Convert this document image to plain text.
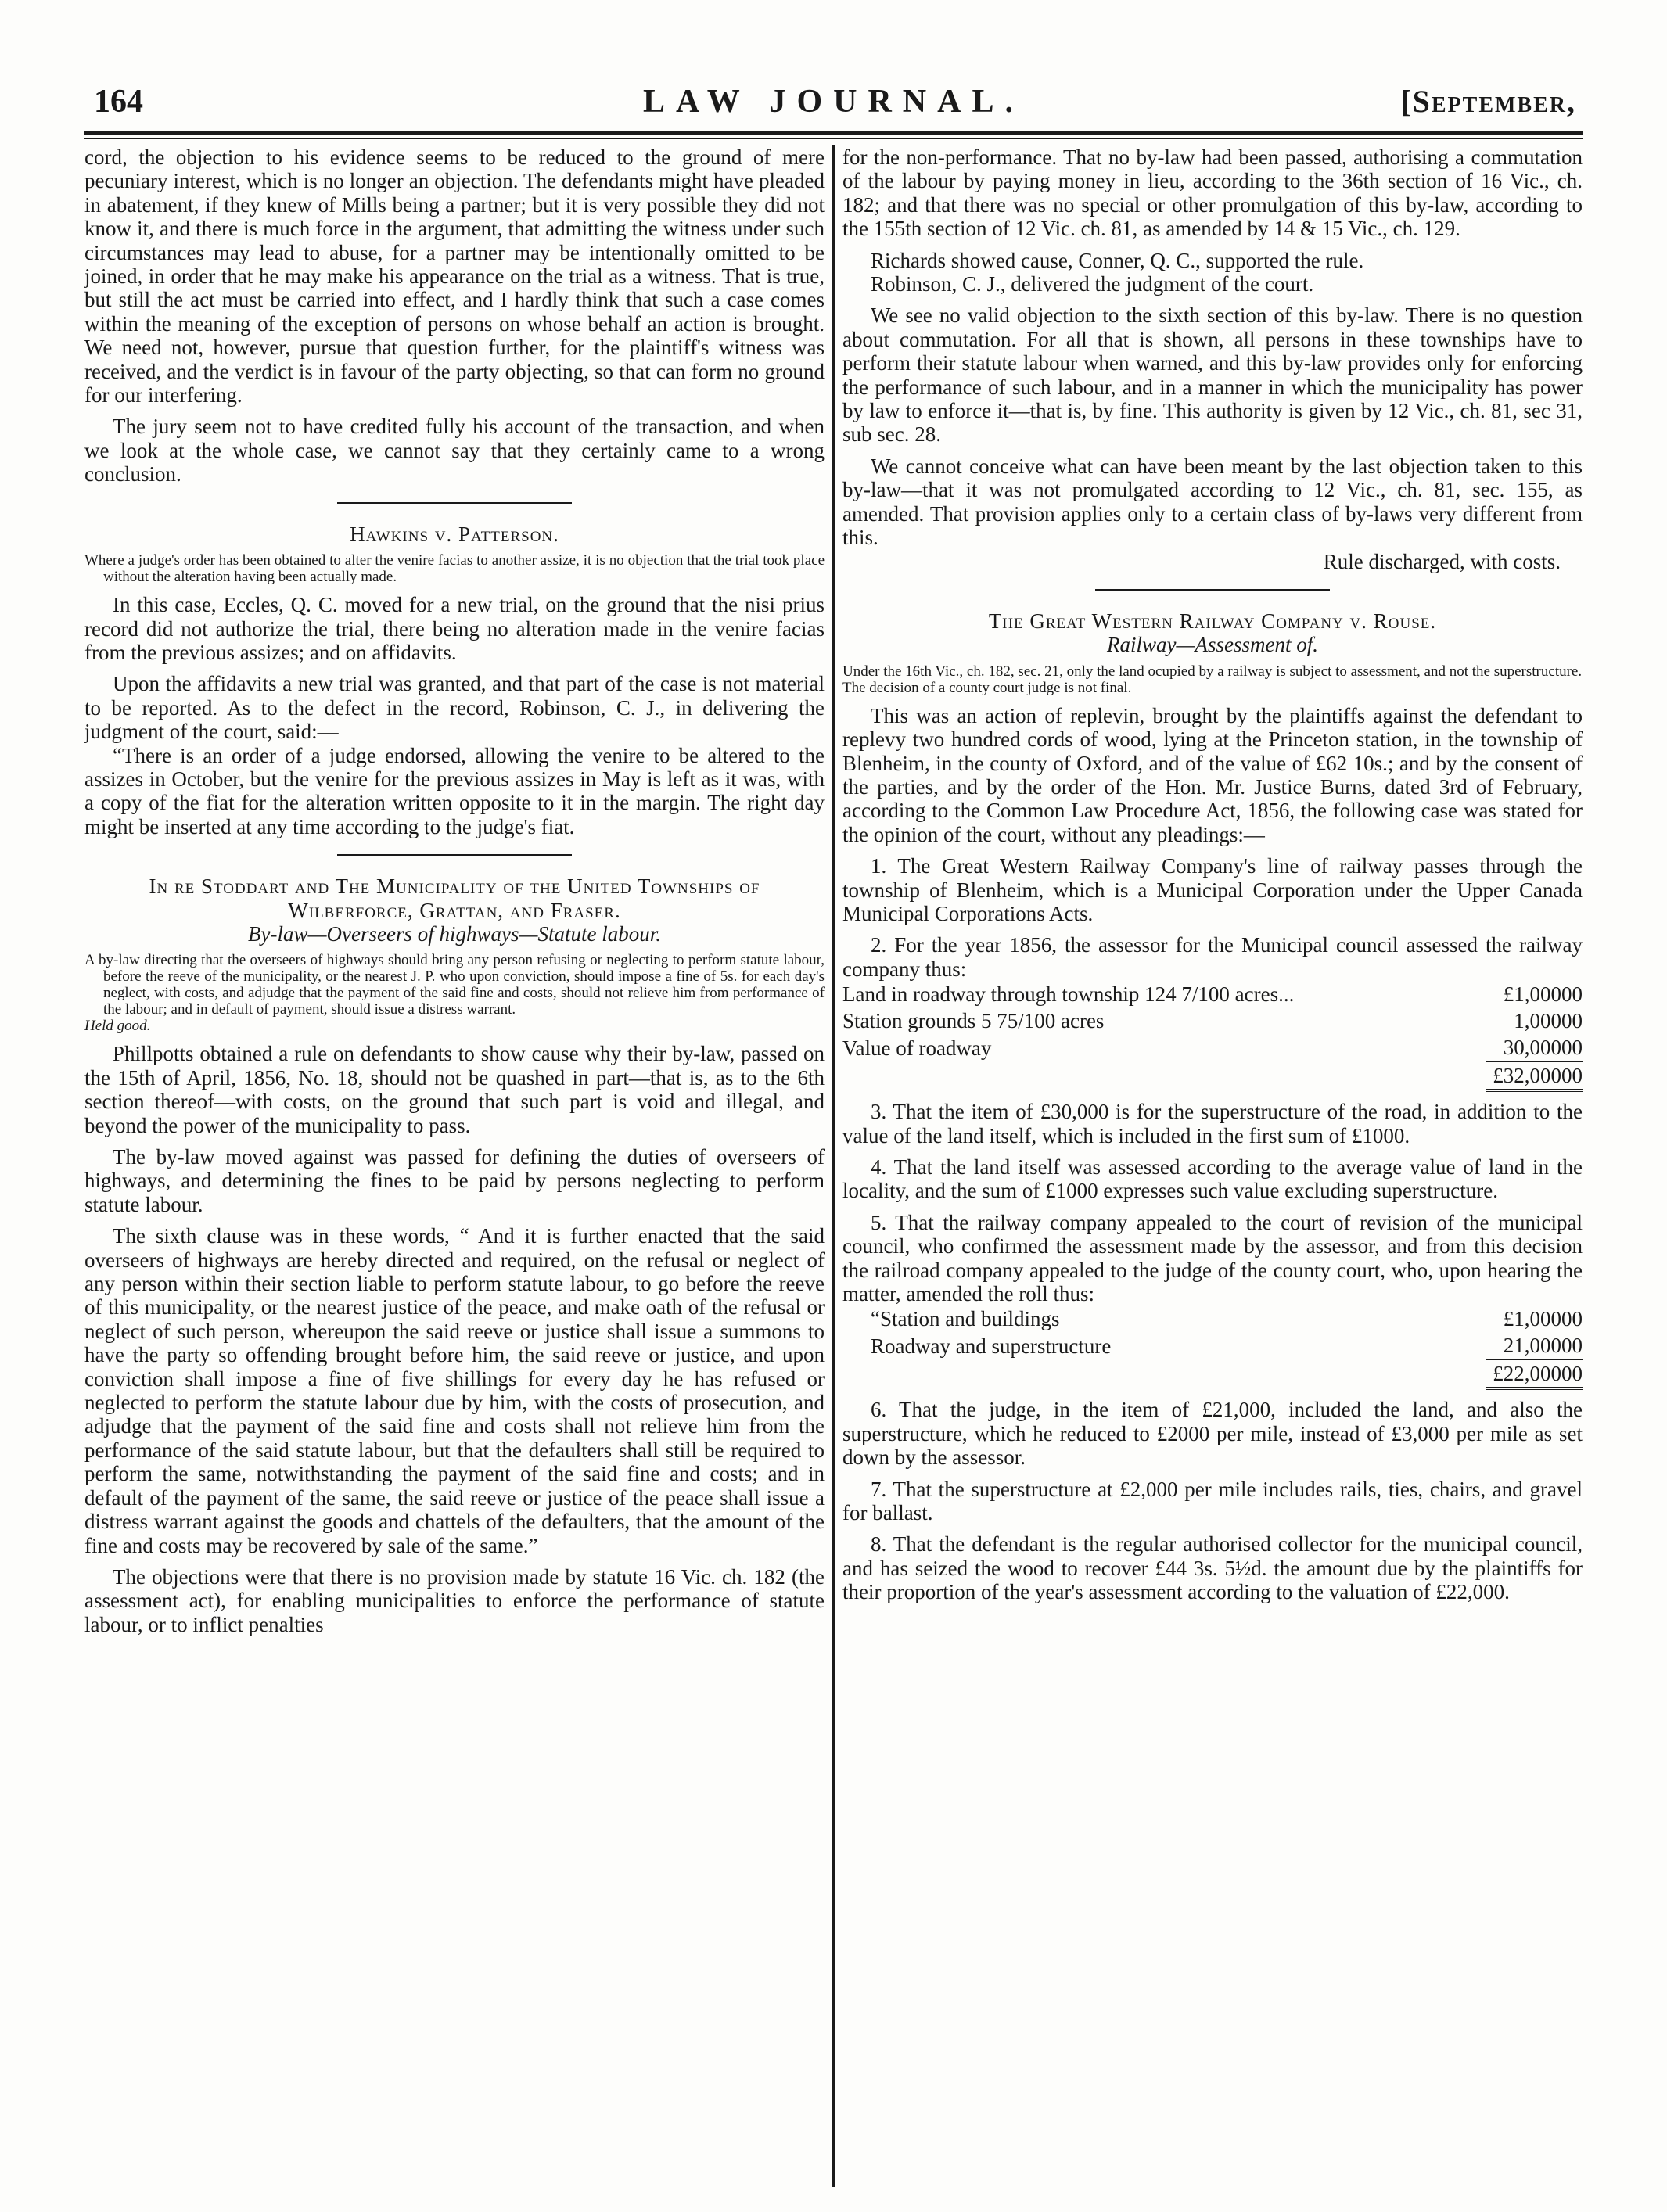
164	LAW JOURNAL.	[September,

cord, the objection to his evidence seems to be reduced to the ground of mere pecuniary interest, which is no longer an objection. The defendants might have pleaded in abatement, if they knew of Mills being a partner; but it is very possible they did not know it, and there is much force in the argument, that admitting the witness under such circumstances may lead to abuse, for a partner may be intentionally omitted to be joined, in order that he may make his appearance on the trial as a witness. That is true, but still the act must be carried into effect, and I hardly think that such a case comes within the meaning of the exception of persons on whose behalf an action is brought. We need not, however, pursue that question further, for the plaintiff's witness was received, and the verdict is in favour of the party objecting, so that can form no ground for our interfering.

The jury seem not to have credited fully his account of the transaction, and when we look at the whole case, we cannot say that they certainly came to a wrong conclusion.

Hawkins v. Patterson.
Where a judge's order has been obtained to alter the venire facias to another assize, it is no objection that the trial took place without the alteration having been actually made.

In this case, Eccles, Q. C. moved for a new trial, on the ground that the nisi prius record did not authorize the trial, there being no alteration made in the venire facias from the previous assizes; and on affidavits.

Upon the affidavits a new trial was granted, and that part of the case is not material to be reported. As to the defect in the record, Robinson, C. J., in delivering the judgment of the court, said:—

“There is an order of a judge endorsed, allowing the venire to be altered to the assizes in October, but the venire for the previous assizes in May is left as it was, with a copy of the fiat for the alteration written opposite to it in the margin. The right day might be inserted at any time according to the judge's fiat.

In re Stoddart and The Municipality of the United Townships of Wilberforce, Grattan, and Fraser.
By-law—Overseers of highways—Statute labour.
A by-law directing that the overseers of highways should bring any person refusing or neglecting to perform statute labour, before the reeve of the municipality, or the nearest J. P. who upon conviction, should impose a fine of 5s. for each day's neglect, with costs, and adjudge that the payment of the said fine and costs, should not relieve him from performance of the labour; and in default of payment, should issue a distress warrant.
Held good.

Phillpotts obtained a rule on defendants to show cause why their by-law, passed on the 15th of April, 1856, No. 18, should not be quashed in part—that is, as to the 6th section thereof—with costs, on the ground that such part is void and illegal, and beyond the power of the municipality to pass.

The by-law moved against was passed for defining the duties of overseers of highways, and determining the fines to be paid by persons neglecting to perform statute labour.

The sixth clause was in these words, “ And it is further enacted that the said overseers of highways are hereby directed and required, on the refusal or neglect of any person within their section liable to perform statute labour, to go before the reeve of this municipality, or the nearest justice of the peace, and make oath of the refusal or neglect of such person, whereupon the said reeve or justice shall issue a summons to have the party so offending brought before him, the said reeve or justice, and upon conviction shall impose a fine of five shillings for every day he has refused or neglected to perform the statute labour due by him, with the costs of prosecution, and adjudge that the payment of the said fine and costs shall not relieve him from the performance of the said statute labour, but that the defaulters shall still be required to perform the same, notwithstanding the payment of the said fine and costs; and in default of the payment of the same, the said reeve or justice of the peace shall issue a distress warrant against the goods and chattels of the defaulters, that the amount of the fine and costs may be recovered by sale of the same.”

The objections were that there is no provision made by statute 16 Vic. ch. 182 (the assessment act), for enabling municipalities to enforce the performance of statute labour, or to inflict penalties

for the non-performance. That no by-law had been passed, authorising a commutation of the labour by paying money in lieu, according to the 36th section of 16 Vic., ch. 182; and that there was no special or other promulgation of this by-law, according to the 155th section of 12 Vic. ch. 81, as amended by 14 & 15 Vic., ch. 129.

Richards showed cause, Conner, Q. C., supported the rule.

Robinson, C. J., delivered the judgment of the court.

We see no valid objection to the sixth section of this by-law. There is no question about commutation. For all that is shown, all persons in these townships have to perform their statute labour when warned, and this by-law provides only for enforcing the performance of such labour, and in a manner in which the municipality has power by law to enforce it—that is, by fine. This authority is given by 12 Vic., ch. 81, sec 31, sub sec. 28.

We cannot conceive what can have been meant by the last objection taken to this by-law—that it was not promulgated according to 12 Vic., ch. 81, sec. 155, as amended. That provision applies only to a certain class of by-laws very different from this.

Rule discharged, with costs.

The Great Western Railway Company v. Rouse.
Railway—Assessment of.
Under the 16th Vic., ch. 182, sec. 21, only the land ocupied by a railway is subject to assessment, and not the superstructure.
The decision of a county court judge is not final.

This was an action of replevin, brought by the plaintiffs against the defendant to replevy two hundred cords of wood, lying at the Princeton station, in the township of Blenheim, in the county of Oxford, and of the value of £62 10s.; and by the consent of the parties, and by the order of the Hon. Mr. Justice Burns, dated 3rd of February, according to the Common Law Procedure Act, 1856, the following case was stated for the opinion of the court, without any pleadings:—

1. The Great Western Railway Company's line of railway passes through the township of Blenheim, which is a Municipal Corporation under the Upper Canada Municipal Corporations Acts.

2. For the year 1856, the assessor for the Municipal council assessed the railway company thus:

Land in roadway through township 124 7/100 acres...	£1,000	0	0
Station grounds 5 75/100 acres	1,000	0	0
Value of roadway	30,000	0	0
	£32,000	0	0

3. That the item of £30,000 is for the superstructure of the road, in addition to the value of the land itself, which is included in the first sum of £1000.

4. That the land itself was assessed according to the average value of land in the locality, and the sum of £1000 expresses such value excluding superstructure.

5. That the railway company appealed to the court of revision of the municipal council, who confirmed the assessment made by the assessor, and from this decision the railroad company appealed to the judge of the county court, who, upon hearing the matter, amended the roll thus:

“Station and buildings	£1,000	0	0
Roadway and superstructure	21,000	0	0
	£22,000	0	0

6. That the judge, in the item of £21,000, included the land, and also the superstructure, which he reduced to £2000 per mile, instead of £3,000 per mile as set down by the assessor.

7. That the superstructure at £2,000 per mile includes rails, ties, chairs, and gravel for ballast.

8. That the defendant is the regular authorised collector for the municipal council, and has seized the wood to recover £44 3s. 5½d. the amount due by the plaintiffs for their proportion of the year's assessment according to the valuation of £22,000.
